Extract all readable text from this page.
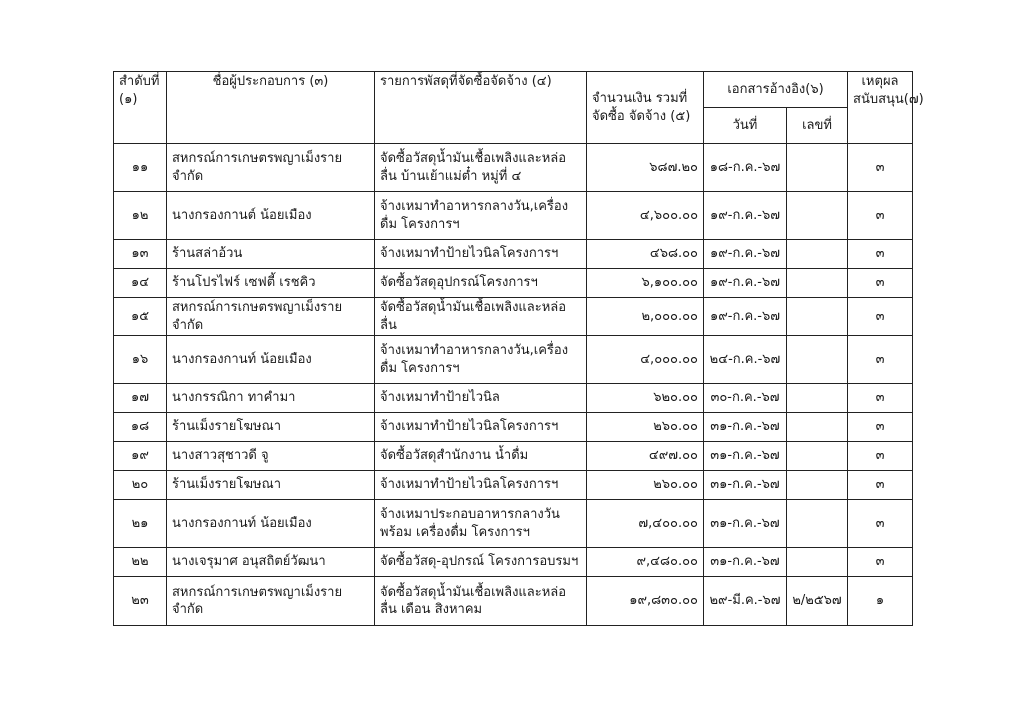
สำดับที่ (๑)	ชื่อผู้ประกอบการ (๓)	รายการพัสดุที่จัดซื้อจัดจ้าง (๔)	จำนวนเงิน รวมที่ จัดซื้อ จัดจ้าง (๕)	เอกสารอ้างอิง(๖)		เหตุผล สนับสนุน(๗)
				วันที่	เลขที่	
๑๑	สหกรณ์การเกษตรพญาเม็งราย จำกัด	จัดซื้อวัสดุน้ำมันเชื้อเพลิงและหล่อลื่น บ้านเย้าแม่ต๋ำ หมู่ที่ ๔	๖๘๗.๒๐	๑๘-ก.ค.-๖๗		๓
๑๒	นางกรองกานต์ น้อยเมือง	จ้างเหมาทำอาหารกลางวัน,เครื่องดื่ม โครงการฯ	๔,๖๐๐.๐๐	๑๙-ก.ค.-๖๗		๓
๑๓	ร้านสล่าอ้วน	จ้างเหมาทำป้ายไวนิลโครงการฯ	๔๖๘.๐๐	๑๙-ก.ค.-๖๗		๓
๑๔	ร้านโปรไฟร์ เซฟตี้ เรชคิว	จัดซื้อวัสดุอุปกรณ์โครงการฯ	๖,๑๐๐.๐๐	๑๙-ก.ค.-๖๗		๓
๑๕	สหกรณ์การเกษตรพญาเม็งราย จำกัด	จัดซื้อวัสดุน้ำมันเชื้อเพลิงและหล่อลื่น	๒,๐๐๐.๐๐	๑๙-ก.ค.-๖๗		๓
๑๖	นางกรองกานท์ น้อยเมือง	จ้างเหมาทำอาหารกลางวัน,เครื่องดื่ม โครงการฯ	๔,๐๐๐.๐๐	๒๔-ก.ค.-๖๗		๓
๑๗	นางกรรณิกา ทาคำมา	จ้างเหมาทำป้ายไวนิล	๖๒๐.๐๐	๓๐-ก.ค.-๖๗		๓
๑๘	ร้านเม็งรายโฆษณา	จ้างเหมาทำป้ายไวนิลโครงการฯ	๒๖๐.๐๐	๓๑-ก.ค.-๖๗		๓
๑๙	นางสาวสุชาวดี จู	จัดซื้อวัสดุสำนักงาน น้ำดื่ม	๔๙๗.๐๐	๓๑-ก.ค.-๖๗		๓
๒๐	ร้านเม็งรายโฆษณา	จ้างเหมาทำป้ายไวนิลโครงการฯ	๒๖๐.๐๐	๓๑-ก.ค.-๖๗		๓
๒๑	นางกรองกานท์ น้อยเมือง	จ้างเหมาประกอบอาหารกลางวันพร้อม เครื่องดื่ม โครงการฯ	๗,๔๐๐.๐๐	๓๑-ก.ค.-๖๗		๓
๒๒	นางเจรุมาศ อนุสถิตย์วัฒนา	จัดซื้อวัสดุ-อุปกรณ์ โครงการอบรมฯ	๙,๔๘๐.๐๐	๓๑-ก.ค.-๖๗		๓
๒๓	สหกรณ์การเกษตรพญาเม็งราย จำกัด	จัดซื้อวัสดุน้ำมันเชื้อเพลิงและหล่อลื่น เดือน สิงหาคม	๑๙,๘๓๐.๐๐	๒๙-มี.ค.-๖๗	๒/๒๕๖๗	๑
